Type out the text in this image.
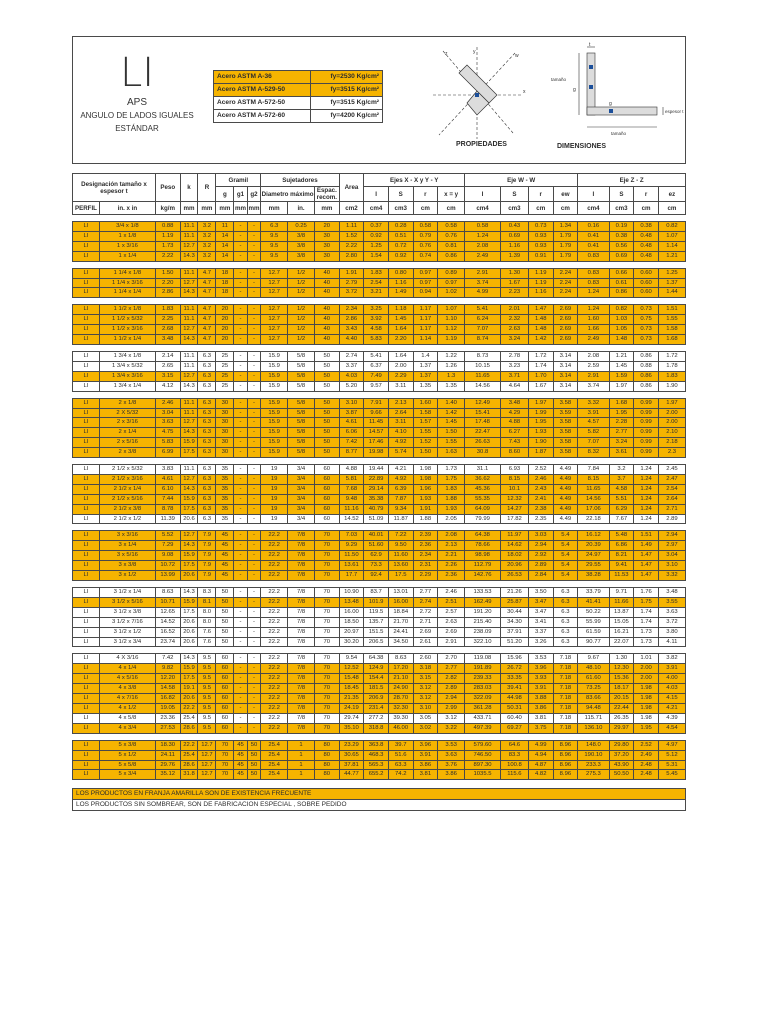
LI
APS
ANGULO DE LADOS IGUALES
ESTÁNDAR
Acero ASTM A-36	fy=2530 Kg/cm²
Acero ASTM A-529-50	fy=3515 Kg/cm²
Acero ASTM A-572-50	fy=3515 Kg/cm²
Acero ASTM A-572-60	fy=4200 Kg/cm²
y
x
z	w
PROPIEDADES
tamaño
tamaño
espesor t
g
g
t
DIMENSIONES
Designación tamaño x espesor t		Peso	k	R	Gramil			Sujetadores			Area	Ejes X - X y Y - Y				Eje W - W				Eje Z - Z			
					g	g1	g2	Diametro máximo		Espac. recom.		I	S	r	x = y	I	S	r	ew	I	S	r	ez
PERFIL	in. x in	kg/m	mm	mm	mm	mm	mm	mm	in.	mm	cm2	cm4	cm3	cm	cm	cm4	cm3	cm	cm	cm4	cm3	cm	cm

LI	3/4 x 1/8	0.88	11.1	3.2	11	-	-	6.3	0.25	20	1.11	0.37	0.28	0.58	0.58	0.58	0.43	0.73	1.34	0.16	0.19	0.38	0.82
LI	1 x 1/8	1.19	11.1	3.2	14	-	-	9.5	3/8	30	1.52	0.92	0.51	0.79	0.76	1.24	0.69	0.93	1.79	0.41	0.38	0.48	1.07
LI	1 x 3/16	1.73	12.7	3.2	14	-	-	9.5	3/8	30	2.22	1.25	0.72	0.76	0.81	2.08	1.16	0.93	1.79	0.41	0.56	0.48	1.14
LI	1 x 1/4	2.22	14.3	3.2	14	-	-	9.5	3/8	30	2.80	1.54	0.92	0.74	0.86	2.49	1.39	0.91	1.79	0.83	0.69	0.48	1.21

LI	1 1/4 x 1/8	1.50	11.1	4.7	18	-	-	12.7	1/2	40	1.91	1.83	0.80	0.97	0.89	2.91	1.30	1.19	2.24	0.83	0.66	0.60	1.25
LI	1 1/4 x 3/16	2.20	12.7	4.7	18	-	-	12.7	1/2	40	2.79	2.54	1.16	0.97	0.97	3.74	1.67	1.19	2.24	0.83	0.61	0.60	1.37
LI	1 1/4 x 1/4	2.86	14.3	4.7	18	-	-	12.7	1/2	40	3.72	3.21	1.49	0.94	1.02	4.99	2.23	1.16	2.24	1.24	0.86	0.60	1.44

LI	1 1/2 x 1/8	1.83	11.1	4.7	20	-	-	12.7	1/2	40	2.34	3.25	1.18	1.17	1.07	5.41	2.01	1.47	2.69	1.24	0.82	0.73	1.51
LI	1 1/2 x 5/32	2.25	11.1	4.7	20	-	-	12.7	1/2	40	2.86	3.92	1.45	1.17	1.10	6.24	2.32	1.48	2.69	1.60	1.03	0.75	1.55
LI	1 1/2 x 3/16	2.68	12.7	4.7	20	-	-	12.7	1/2	40	3.43	4.58	1.64	1.17	1.12	7.07	2.63	1.48	2.69	1.66	1.05	0.73	1.58
LI	1 1/2 x 1/4	3.48	14.3	4.7	20	-	-	12.7	1/2	40	4.40	5.83	2.20	1.14	1.19	8.74	3.24	1.42	2.69	2.49	1.48	0.73	1.68

LI	1 3/4 x 1/8	2.14	11.1	6.3	25	-	-	15.9	5/8	50	2.74	5.41	1.64	1.4	1.22	8.73	2.78	1.72	3.14	2.08	1.21	0.86	1.72
LI	1 3/4 x 5/32	2.65	11.1	6.3	25	-	-	15.9	5/8	50	3.37	6.37	2.00	1.37	1.26	10.15	3.23	1.74	3.14	2.59	1.45	0.88	1.78
LI	1 3/4 x 3/16	3.15	12.7	6.3	25	-	-	15.9	5/8	50	4.03	7.49	2.29	1.37	1.3	11.65	3.71	1.70	3.14	2.91	1.59	0.86	1.83
LI	1 3/4 x 1/4	4.12	14.3	6.3	25	-	-	15.9	5/8	50	5.20	9.57	3.11	1.35	1.35	14.56	4.64	1.67	3.14	3.74	1.97	0.86	1.90

LI	2 x 1/8	2.46	11.1	6.3	30	-	-	15.9	5/8	50	3.10	7.91	2.13	1.60	1.40	12.49	3.48	1.97	3.58	3.32	1.68	0.99	1.97
LI	2 X 5/32	3.04	11.1	6.3	30	-	-	15.9	5/8	50	3.87	9.66	2.64	1.58	1.42	15.41	4.29	1.99	3.59	3.91	1.95	0.99	2.00
LI	2 x 3/16	3.63	12.7	6.3	30	-	-	15.9	5/8	50	4.61	11.45	3.11	1.57	1.45	17.48	4.88	1.95	3.58	4.57	2.28	0.99	2.00
LI	2 x 1/4	4.75	14.3	6.3	30	-	-	15.9	5/8	50	6.06	14.57	4.10	1.55	1.50	22.47	6.27	1.93	3.58	5.82	2.77	0.99	2.10
LI	2 x 5/16	5.83	15.9	6.3	30	-	-	15.9	5/8	50	7.42	17.46	4.92	1.52	1.55	26.63	7.43	1.90	3.58	7.07	3.24	0.99	2.18
LI	2 x 3/8	6.99	17.5	6.3	30	-	-	15.9	5/8	50	8.77	19.98	5.74	1.50	1.63	30.8	8.60	1.87	3.58	8.32	3.61	0.99	2.3

LI	2 1/2 x 5/32	3.83	11.1	6.3	35	-	-	19	3/4	60	4.88	19.44	4.21	1.98	1.73	31.1	6.93	2.52	4.49	7.84	3.2	1.24	2.45
LI	2 1/2 x 3/16	4.61	12.7	6.3	35	-	-	19	3/4	60	5.81	22.89	4.92	1.98	1.75	36.62	8.15	2.46	4.49	8.15	3.7	1.24	2.47
LI	2 1/2 x 1/4	6.10	14.3	6.3	35	-	-	19	3/4	60	7.68	29.14	6.39	1.96	1.83	45.36	10.1	2.43	4.49	11.65	4.58	1.24	2.54
LI	2 1/2 x 5/16	7.44	15.9	6.3	35	-	-	19	3/4	60	9.48	35.38	7.87	1.93	1.88	55.35	12.32	2.41	4.49	14.56	5.51	1.24	2.64
LI	2 1/2 x 3/8	8.78	17.5	6.3	35	-	-	19	3/4	60	11.16	40.79	9.34	1.91	1.93	64.09	14.27	2.38	4.49	17.06	6.29	1.24	2.71
LI	2 1/2 x 1/2	11.39	20.6	6.3	35	-	-	19	3/4	60	14.52	51.09	11.87	1.88	2.05	79.99	17.82	2.35	4.49	22.18	7.67	1.24	2.89

LI	3 x 3/16	5.52	12.7	7.9	45	-	-	22.2	7/8	70	7.03	40.01	7.22	2.39	2.08	64.38	11.97	3.03	5.4	16.12	5.48	1.51	2.94
LI	3 x 1/4	7.29	14.3	7.9	45	-	-	22.2	7/8	70	9.29	51.60	9.50	2.36	2.13	78.66	14.62	2.94	5.4	20.39	6.86	1.49	2.97
LI	3 x 5/16	9.08	15.9	7.9	45	-	-	22.2	7/8	70	11.50	62.9	11.60	2.34	2.21	98.98	18.02	2.92	5.4	24.97	8.21	1.47	3.04
LI	3 x 3/8	10.72	17.5	7.9	45	-	-	22.2	7/8	70	13.61	73.3	13.60	2.31	2.26	112.79	20.96	2.89	5.4	29.55	9.41	1.47	3.10
LI	3 x 1/2	13.99	20.6	7.9	45	-	-	22.2	7/8	70	17.7	92.4	17.5	2.29	2.36	142.76	26.53	2.84	5.4	38.28	11.53	1.47	3.32

LI	3 1/2 x 1/4	8.63	14.3	8.3	50	-	-	22.2	7/8	70	10.90	83.7	13.01	2.77	2.46	133.53	21.26	3.50	6.3	33.79	9.71	1.76	3.48
LI	3 1/2 x 5/16	10.71	15.9	8.1	50	-	-	22.2	7/8	70	13.48	101.9	16.00	2.74	2.51	162.49	25.87	3.47	6.3	41.41	11.66	1.75	3.55
LI	3 1/2 x 3/8	12.65	17.5	8.0	50	-	-	22.2	7/8	70	16.00	119.5	18.84	2.72	2.57	191.20	30.44	3.47	6.3	50.22	13.87	1.74	3.63
LI	3 1/2 x 7/16	14.52	20.6	8.0	50	-	-	22.2	7/8	70	18.50	135.7	21.70	2.71	2.63	215.40	34.30	3.41	6.3	55.99	15.05	1.74	3.72
LI	3 1/2 x 1/2	16.52	20.6	7.6	50	-	-	22.2	7/8	70	20.97	151.5	24.41	2.69	2.69	238.09	37.91	3.37	6.3	61.59	16.21	1.73	3.80
LI	3 1/2 x 3/4	23.74	20.6	7.6	50	-	-	22.2	7/8	70	30.20	206.5	34.50	2.61	2.91	322.10	51.20	3.26	6.3	90.77	22.07	1.73	4.11

LI	4 X 3/16	7.42	14.3	9.5	60	-	-	22.2	7/8	70	9.54	64.38	8.63	2.60	2.70	119.08	15.96	3.53	7.18	9.67	1.30	1.01	3.82
LI	4 x 1/4	9.82	15.9	9.5	60	-	-	22.2	7/8	70	12.52	124.9	17.20	3.18	2.77	191.89	26.72	3.96	7.18	48.10	12.30	2.00	3.91
LI	4 x 5/16	12.20	17.5	9.5	60	-	-	22.2	7/8	70	15.48	154.4	21.10	3.15	2.82	239.33	33.35	3.93	7.18	61.60	15.36	2.00	4.00
LI	4 x 3/8	14.58	19.1	9.5	60	-	-	22.2	7/8	70	18.45	181.5	24.90	3.12	2.89	283.03	39.41	3.91	7.18	73.25	18.17	1.98	4.03
LI	4 x 7/16	16.82	20.6	9.5	60	-	-	22.2	7/8	70	21.35	206.9	28.70	3.12	2.94	322.09	44.98	3.88	7.18	83.66	20.15	1.98	4.15
LI	4 x 1/2	19.05	22.2	9.5	60	-	-	22.2	7/8	70	24.19	231.4	32.30	3.10	2.99	361.28	50.31	3.86	7.18	94.48	22.44	1.98	4.21
LI	4 x 5/8	23.36	25.4	9.5	60	-	-	22.2	7/8	70	29.74	277.2	39.30	3.05	3.12	433.71	60.40	3.81	7.18	115.71	26.35	1.98	4.39
LI	4 x 3/4	27.53	28.6	9.5	60	-	-	22.2	7/8	70	35.10	318.8	46.00	3.02	3.22	497.39	69.27	3.75	7.18	136.10	29.97	1.95	4.54

LI	5 x 3/8	18.30	22.2	12.7	70	45	50	25.4	1	80	23.29	363.8	39.7	3.96	3.53	579.60	64.6	4.99	8.96	148.0	29.80	2.52	4.97
LI	5 x 1/2	24.11	25.4	12.7	70	45	50	25.4	1	80	30.65	468.3	51.6	3.91	3.63	746.50	83.3	4.94	8.96	190.10	37.20	2.49	5.12
LI	5 x 5/8	29.76	28.6	12.7	70	45	50	25.4	1	80	37.81	565.3	63.3	3.86	3.76	897.30	100.8	4.87	8.96	233.3	43.90	2.48	5.31
LI	5 x 3/4	35.12	31.8	12.7	70	45	50	25.4	1	80	44.77	655.2	74.2	3.81	3.86	1035.5	115.6	4.82	8.96	275.3	50.50	2.48	5.45
LOS PRODUCTOS EN FRANJA AMARILLA SON DE EXISTENCIA FRECUENTE
LOS PRODUCTOS SIN SOMBREAR, SON DE FABRICACION ESPECIAL , SOBRE PEDIDO
